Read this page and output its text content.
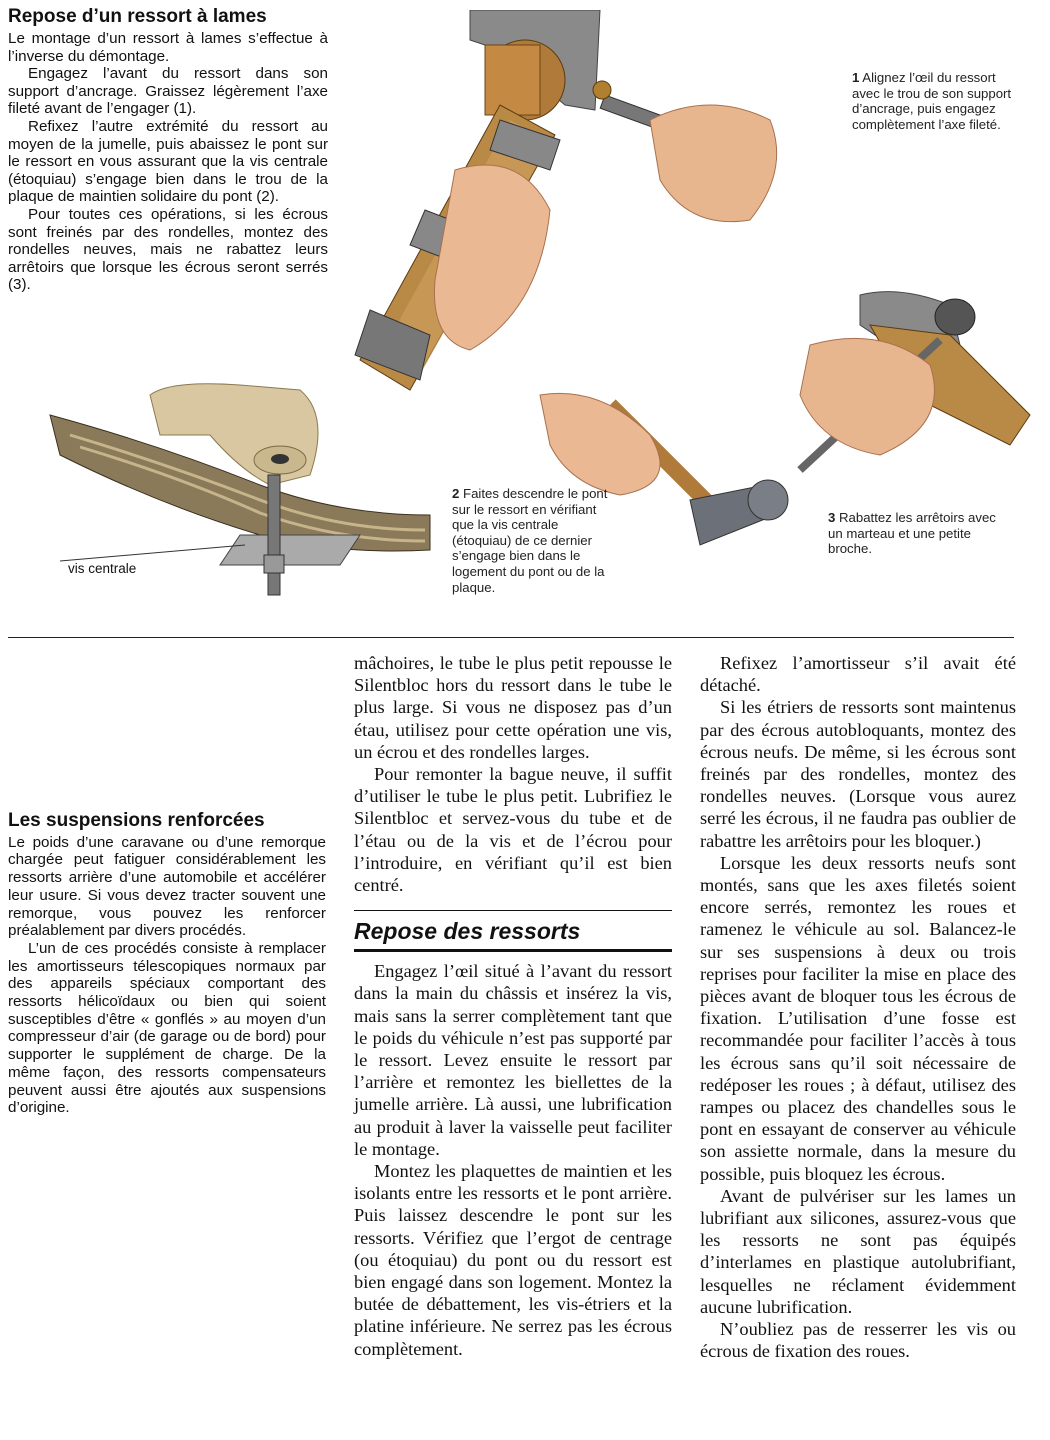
Repose d’un ressort à lames

Le montage d’un ressort à lames s’effectue à l’inverse du démontage.

Engagez l’avant du ressort dans son support d’ancrage. Graissez légèrement l’axe fileté avant de l’engager (1).

Refixez l’autre extrémité du ressort au moyen de la jumelle, puis abaissez le pont sur le ressort en vous assurant que la vis centrale (étoquiau) s’engage bien dans le trou de la plaque de maintien solidaire du pont (2).

Pour toutes ces opérations, si les écrous sont freinés par des rondelles, montez des rondelles neuves, mais ne rabattez leurs arrêtoirs que lorsque les écrous seront serrés (3).

1 Alignez l’œil du ressort avec le trou de son support d’ancrage, puis engagez complètement l’axe fileté.
vis centrale
2 Faites descendre le pont sur le ressort en vérifiant que la vis centrale (étoquiau) de ce dernier s’engage bien dans le logement du pont ou de la plaque.
3 Rabattez les arrêtoirs avec un marteau et une petite broche.
Les suspensions renforcées

Le poids d’une caravane ou d’une remorque chargée peut fatiguer considérablement les ressorts arrière d’une automobile et accélérer leur usure. Si vous devez tracter souvent une remorque, vous pouvez les renforcer préalablement par divers procédés.

L’un de ces procédés consiste à remplacer les amortisseurs télescopiques normaux par des appareils spéciaux comportant des ressorts hélicoïdaux ou bien qui soient susceptibles d’être « gonflés » au moyen d’un compresseur d’air (de garage ou de bord) pour supporter le supplément de charge. De la même façon, des ressorts compensateurs peuvent aussi être ajoutés aux suspensions d’origine.

mâchoires, le tube le plus petit repousse le Silentbloc hors du ressort dans le tube le plus large. Si vous ne disposez pas d’un étau, utilisez pour cette opération une vis, un écrou et des rondelles larges.

Pour remonter la bague neuve, il suffit d’utiliser le tube le plus petit. Lubrifiez le Silentbloc et servez-vous du tube et de l’étau ou de la vis et de l’écrou pour l’introduire, en vérifiant qu’il est bien centré.

Repose des ressorts

Engagez l’œil situé à l’avant du ressort dans la main du châssis et insérez la vis, mais sans la serrer complètement tant que le poids du véhicule n’est pas supporté par le ressort. Levez ensuite le ressort par l’arrière et remontez les biellettes de la jumelle arrière. Là aussi, une lubrification au produit à laver la vaisselle peut faciliter le montage.

Montez les plaquettes de maintien et les isolants entre les ressorts et le pont arrière. Puis laissez descendre le pont sur les ressorts. Vérifiez que l’ergot de centrage (ou étoquiau) du pont ou du ressort est bien engagé dans son logement. Montez la butée de débattement, les vis-étriers et la platine inférieure. Ne serrez pas les écrous complètement.

Refixez l’amortisseur s’il avait été détaché.

Si les étriers de ressorts sont maintenus par des écrous autobloquants, montez des écrous neufs. De même, si les écrous sont freinés par des rondelles, montez des rondelles neuves. (Lorsque vous aurez serré les écrous, il ne faudra pas oublier de rabattre les arrêtoirs pour les bloquer.)

Lorsque les deux ressorts neufs sont montés, sans que les axes filetés soient encore serrés, remontez les roues et ramenez le véhicule au sol. Balancez-le sur ses suspensions à deux ou trois reprises pour faciliter la mise en place des pièces avant de bloquer tous les écrous de fixation. L’utilisation d’une fosse est recommandée pour faciliter l’accès à tous les écrous sans qu’il soit nécessaire de redéposer les roues ; à défaut, utilisez des rampes ou placez des chandelles sous le pont en essayant de conserver au véhicule son assiette normale, dans la mesure du possible, puis bloquez les écrous.

Avant de pulvériser sur les lames un lubrifiant aux silicones, assurez-vous que les ressorts ne sont pas équipés d’interlames en plastique autolubrifiant, lesquelles ne réclament évidemment aucune lubrification.

N’oubliez pas de resserrer les vis ou écrous de fixation des roues.
